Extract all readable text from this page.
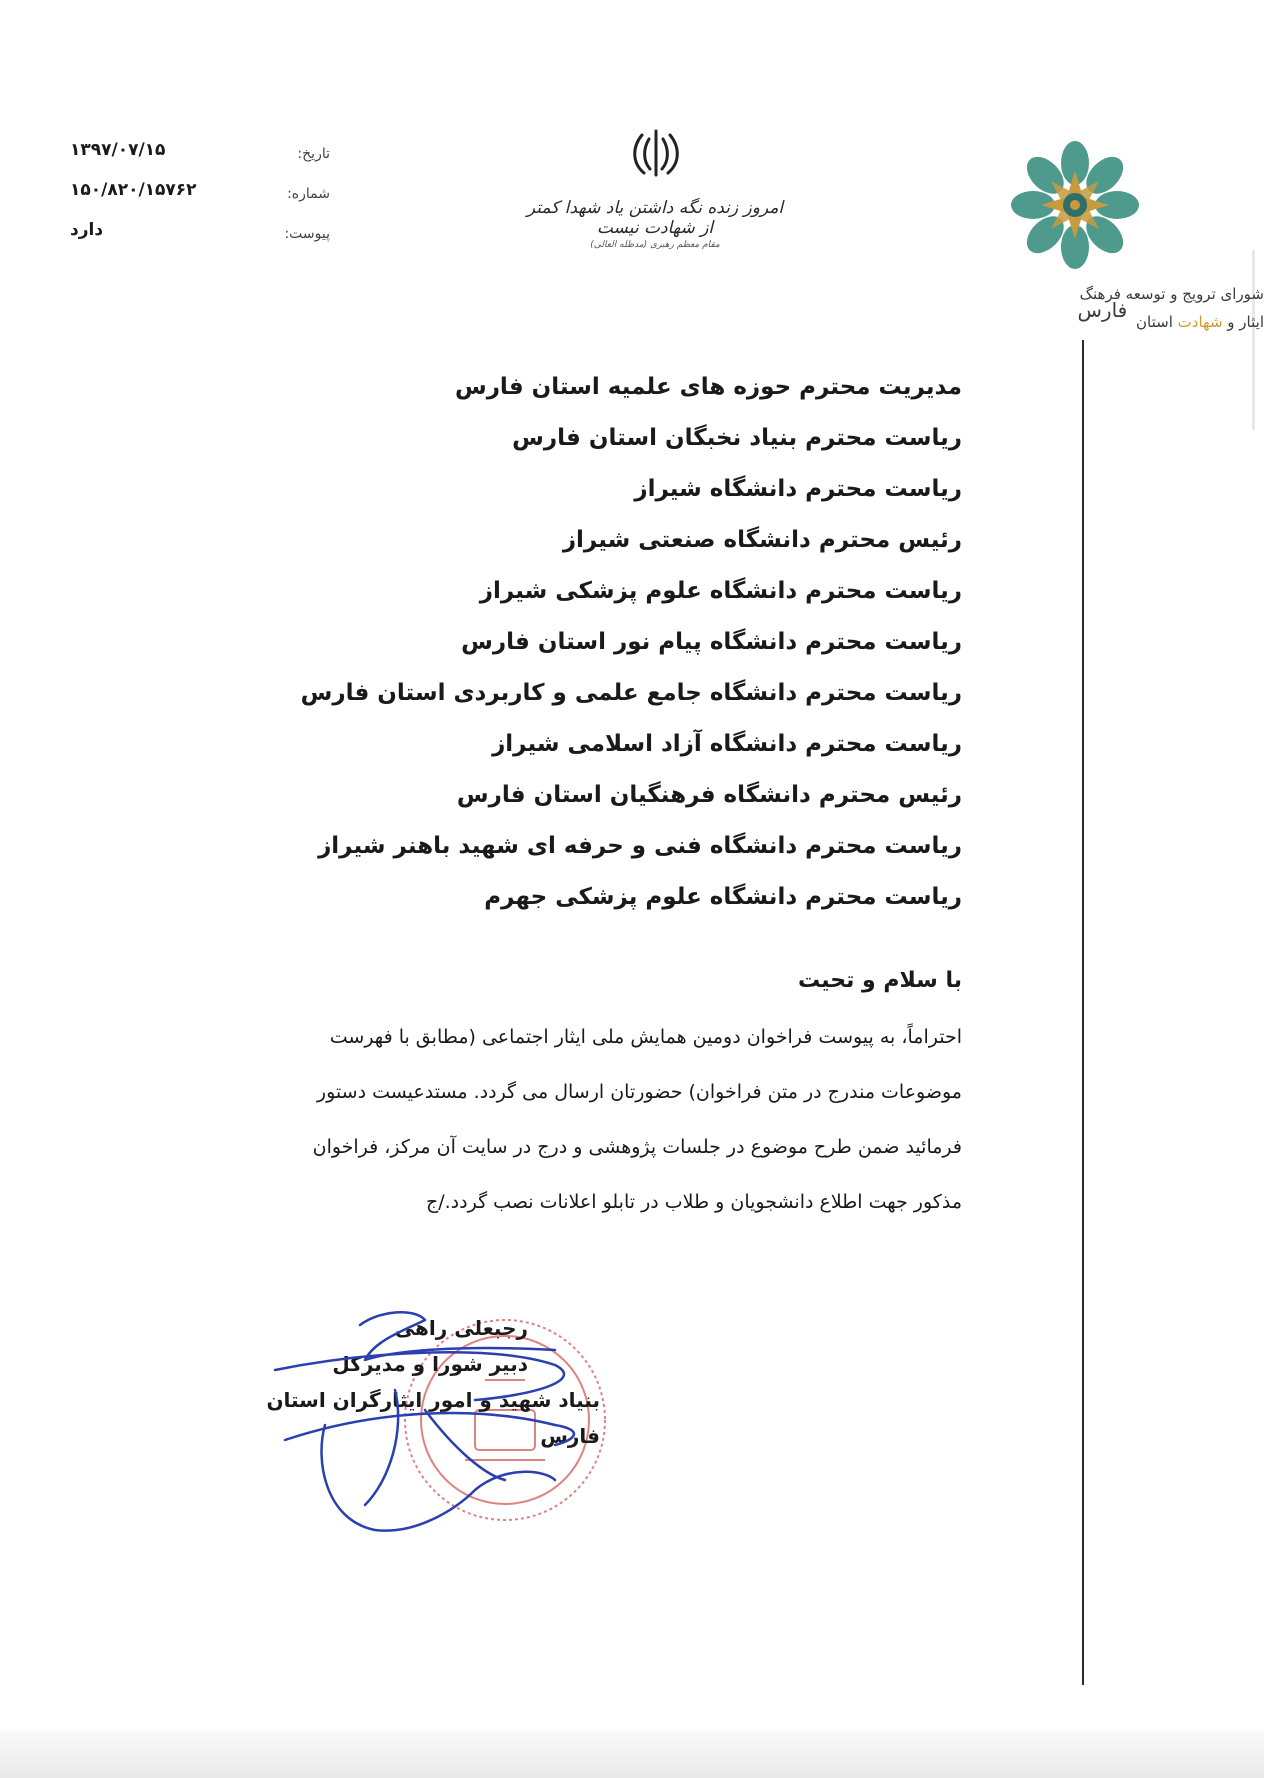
شورای ترویج و توسعه فرهنگ
ایثار و شهادت استان فارس
امروز زنده نگه داشتن یاد شهدا کمتر از شهادت نیست
مقام معظم رهبری (مدظله العالی)
تاریخ:
۱۳۹۷/۰۷/۱۵
شماره:
۱۵۰/۸۲۰/۱۵۷۶۲
پیوست:
دارد
مدیریت محترم حوزه های علمیه استان فارس
ریاست محترم بنیاد نخبگان استان فارس
ریاست محترم دانشگاه شیراز
رئیس محترم دانشگاه صنعتی شیراز
ریاست محترم دانشگاه علوم پزشکی شیراز
ریاست محترم دانشگاه پیام نور استان فارس
ریاست محترم دانشگاه جامع علمی و کاربردی استان فارس
ریاست محترم دانشگاه آزاد اسلامی شیراز
رئیس محترم دانشگاه فرهنگیان استان فارس
ریاست محترم دانشگاه فنی و حرفه ای شهید باهنر شیراز
ریاست محترم دانشگاه علوم پزشکی جهرم
با سلام و تحیت
احتراماً، به پیوست فراخوان دومین همایش ملی ایثار اجتماعی (مطابق با فهرست
موضوعات مندرج در متن فراخوان) حضورتان ارسال می گردد. مستدعیست دستور
فرمائید ضمن طرح موضوع در جلسات پژوهشی و درج در سایت آن مرکز، فراخوان
مذکور جهت اطلاع دانشجویان و طلاب در تابلو اعلانات نصب گردد./ج
رجبعلی راهی
دبیر شورا و مدیرکل
بنیاد شهید و امور ایثارگران استان فارس
